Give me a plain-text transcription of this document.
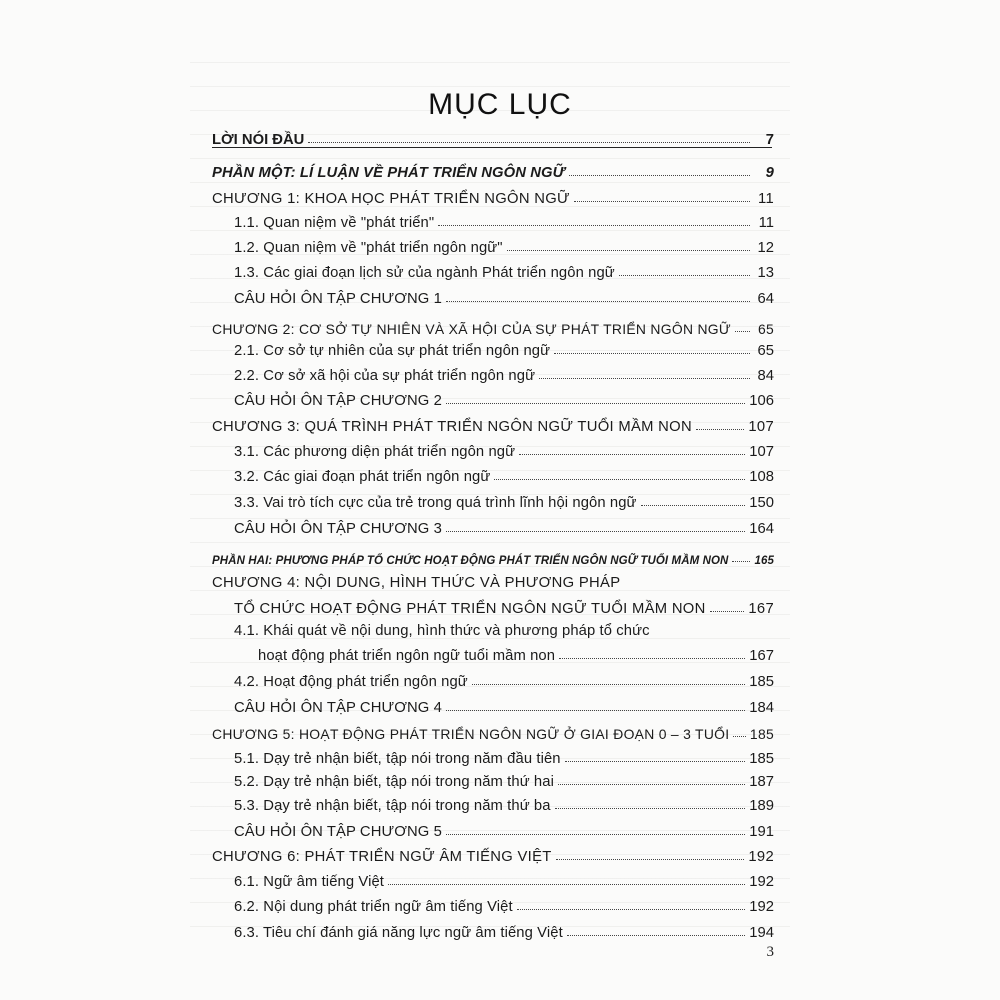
MỤC LỤC
LỜI NÓI ĐẦU	7
PHẦN MỘT: LÍ LUẬN VỀ PHÁT TRIỂN NGÔN NGỮ	9
CHƯƠNG 1: KHOA HỌC PHÁT TRIỂN NGÔN NGỮ	11
1.1. Quan niệm về "phát triển"	11
1.2. Quan niệm về "phát triển ngôn ngữ"	12
1.3. Các giai đoạn lịch sử của ngành Phát triển ngôn ngữ	13
CÂU HỎI ÔN TẬP CHƯƠNG 1	64
CHƯƠNG 2: CƠ SỞ TỰ NHIÊN VÀ XÃ HỘI CỦA SỰ PHÁT TRIỂN NGÔN NGỮ 65
2.1. Cơ sở tự nhiên của sự phát triển ngôn ngữ	65
2.2. Cơ sở xã hội của sự phát triển ngôn ngữ	84
CÂU HỎI ÔN TẬP CHƯƠNG 2	106
CHƯƠNG 3: QUÁ TRÌNH PHÁT TRIỂN NGÔN NGỮ TUỔI MẦM NON	107
3.1. Các phương diện phát triển ngôn ngữ	107
3.2. Các giai đoạn phát triển ngôn ngữ	108
3.3. Vai trò tích cực của trẻ trong quá trình lĩnh hội ngôn ngữ	150
CÂU HỎI ÔN TẬP CHƯƠNG 3	164
PHẦN HAI: PHƯƠNG PHÁP TỔ CHỨC HOẠT ĐỘNG PHÁT TRIỂN NGÔN NGỮ TUỔI MẦM NON 165
CHƯƠNG 4: NỘI DUNG, HÌNH THỨC VÀ PHƯƠNG PHÁP
TỔ CHỨC HOẠT ĐỘNG PHÁT TRIỂN NGÔN NGỮ TUỔI MẦM NON	167
4.1. Khái quát về nội dung, hình thức và phương pháp tổ chức
hoạt động phát triển ngôn ngữ tuổi mầm non	167
4.2. Hoạt động phát triển ngôn ngữ	185
CÂU HỎI ÔN TẬP CHƯƠNG 4	184
CHƯƠNG 5: HOẠT ĐỘNG PHÁT TRIỂN NGÔN NGỮ Ở GIAI ĐOẠN 0 – 3 TUỔI 185
5.1. Dạy trẻ nhận biết, tập nói trong năm đầu tiên	185
5.2. Dạy trẻ nhận biết, tập nói trong năm thứ hai	187
5.3. Dạy trẻ nhận biết, tập nói trong năm thứ ba	189
CÂU HỎI ÔN TẬP CHƯƠNG 5	191
CHƯƠNG 6: PHÁT TRIỂN NGỮ ÂM TIẾNG VIỆT	192
6.1. Ngữ âm tiếng Việt	192
6.2. Nội dung phát triển ngữ âm tiếng Việt	192
6.3. Tiêu chí đánh giá năng lực ngữ âm tiếng Việt	194
3
